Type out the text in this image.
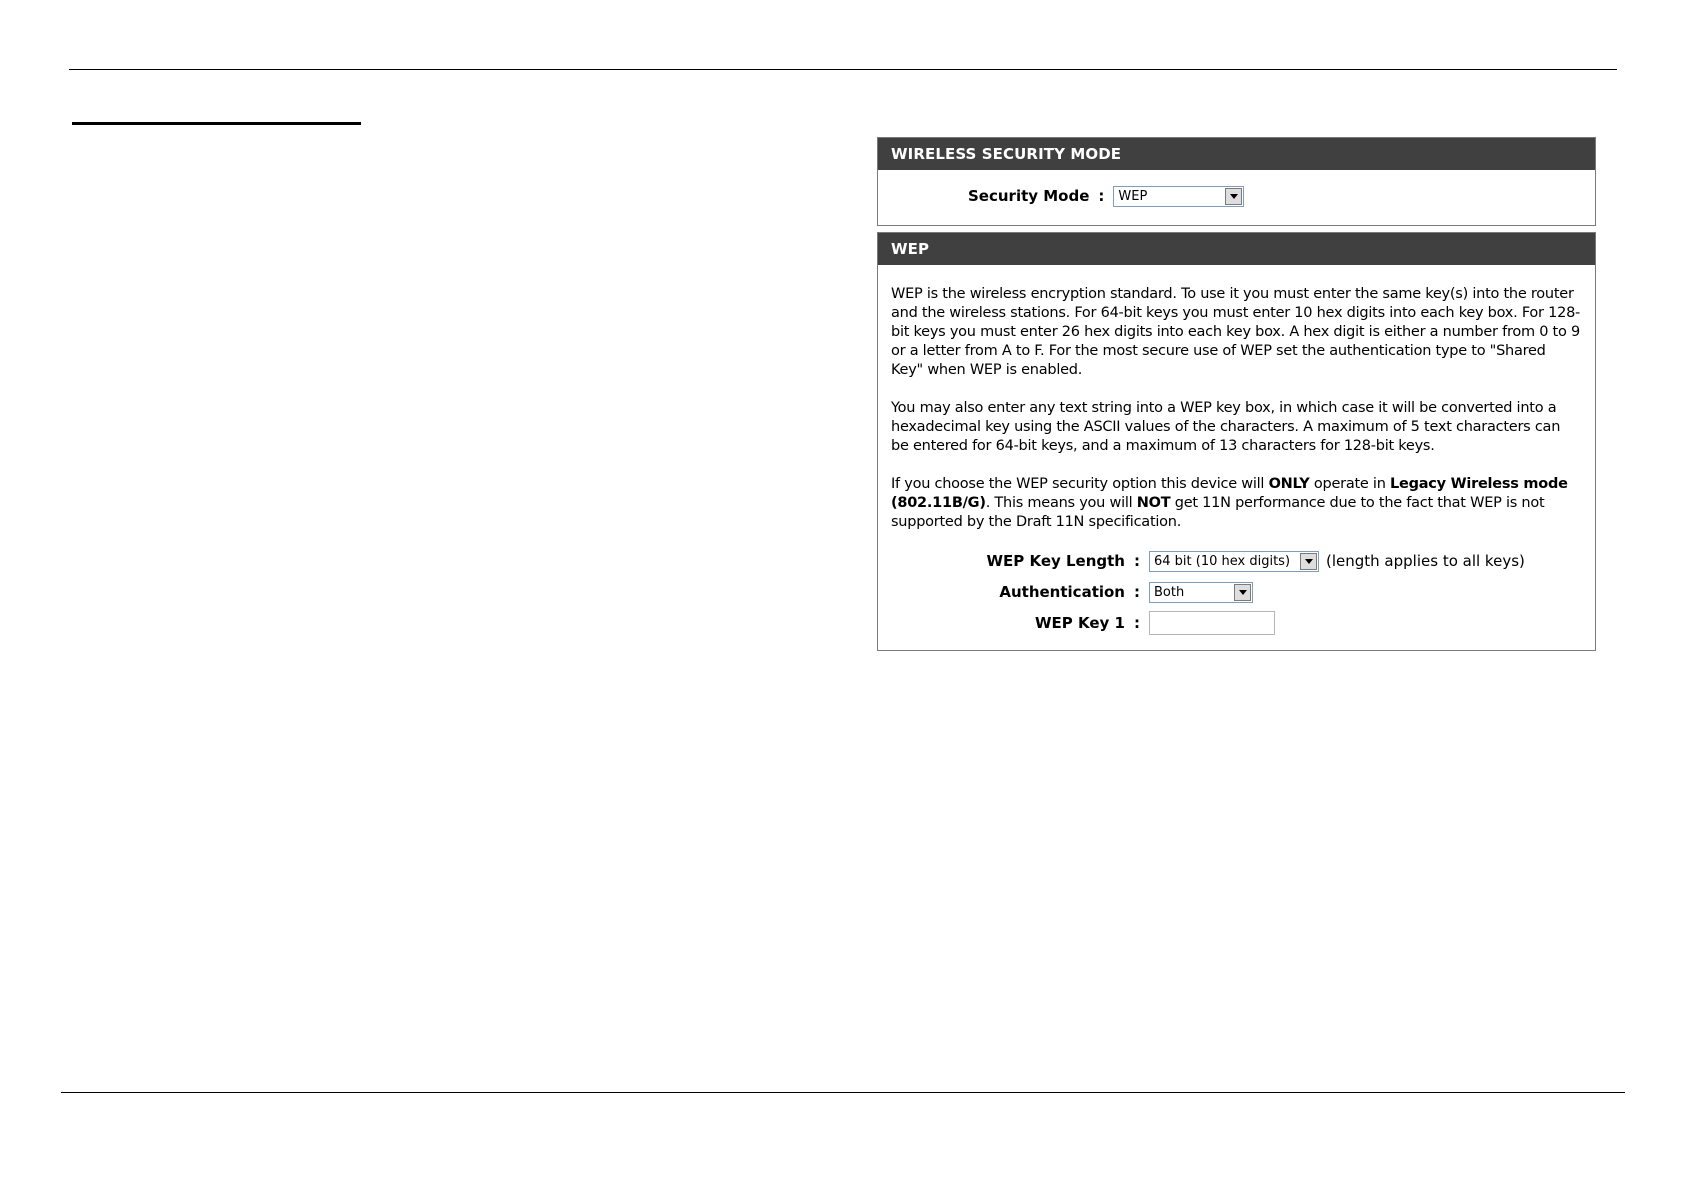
WIRELESS SECURITY MODE
Security Mode :	WEP
WEP
WEP is the wireless encryption standard. To use it you must enter the same key(s) into the router and the wireless stations. For 64-bit keys you must enter 10 hex digits into each key box. For 128-bit keys you must enter 26 hex digits into each key box. A hex digit is either a number from 0 to 9 or a letter from A to F. For the most secure use of WEP set the authentication type to "Shared Key" when WEP is enabled.
You may also enter any text string into a WEP key box, in which case it will be converted into a hexadecimal key using the ASCII values of the characters. A maximum of 5 text characters can be entered for 64-bit keys, and a maximum of 13 characters for 128-bit keys.
If you choose the WEP security option this device will ONLY operate in Legacy Wireless mode (802.11B/G). This means you will NOT get 11N performance due to the fact that WEP is not supported by the Draft 11N specification.
WEP Key Length :	64 bit (10 hex digits)	(length applies to all keys)
Authentication :	Both
WEP Key 1 :
